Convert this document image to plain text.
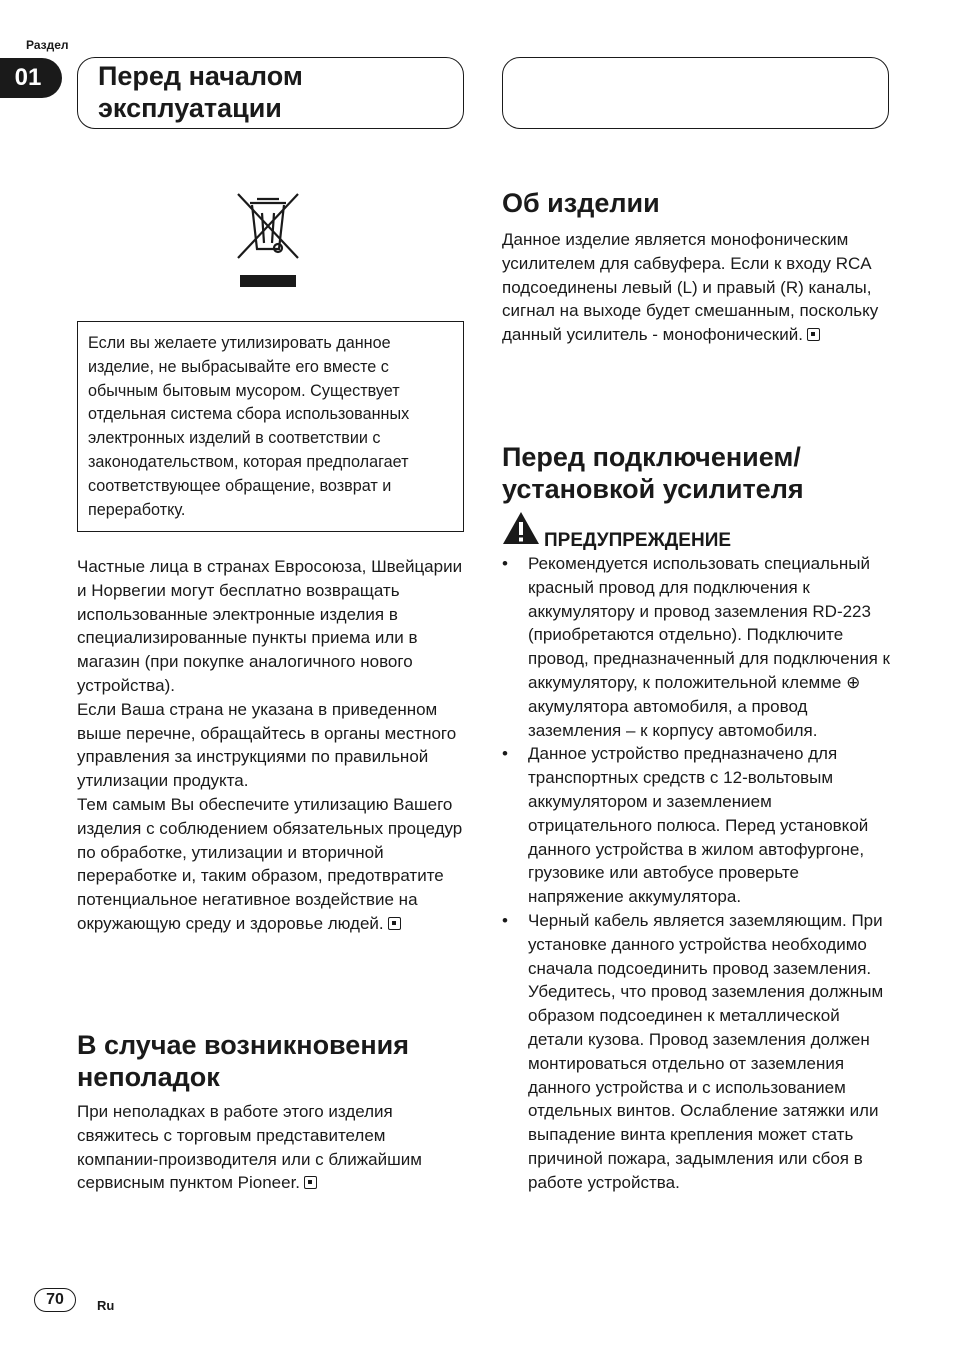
Раздел
01	Перед началом эксплуатации

Если вы желаете утилизировать данное изделие, не выбрасывайте его вместе с обычным бытовым мусором. Существует отдельная система сбора использованных электронных изделий в соответствии с законодательством, которая предполагает соответствующее обращение, возврат и переработку.

Частные лица в странах Евросоюза, Швейцарии и Норвегии могут бесплатно возвращать использованные электронные изделия в специализированные пункты приема или в магазин (при покупке аналогичного нового устройства).

Если Ваша страна не указана в приведенном выше перечне, обращайтесь в органы местного управления за инструкциями по правильной утилизации продукта.

Тем самым Вы обеспечите утилизацию Вашего изделия с соблюдением обязательных процедур по обработке, утилизации и вторичной переработке и, таким образом, предотвратите потенциальное негативное воздействие на окружающую среду и здоровье людей.

В случае возникновения неполадок

При неполадках в работе этого изделия свяжитесь с торговым представителем компании-производителя или с ближайшим сервисным пунктом Pioneer.

Об изделии

Данное изделие является монофоническим усилителем для сабвуфера. Если к входу RCA подсоединены левый (L) и правый (R) каналы, сигнал на выходе будет смешанным, поскольку данный усилитель - монофонический.

Перед подключением/ установкой усилителя
ПРЕДУПРЕЖДЕНИЕ
• Рекомендуется использовать специальный красный провод для подключения к аккумулятору и провод заземления RD-223 (приобретаются отдельно). Подключите провод, предназначенный для подключения к аккумулятору, к положительной клемме ⊕ акумулятора автомобиля, а провод заземления – к корпусу автомобиля.
• Данное устройство предназначено для транспортных средств с 12-вольтовым аккумулятором и заземлением отрицательного полюса. Перед установкой данного устройства в жилом автофургоне, грузовике или автобусе проверьте напряжение аккумулятора.
• Черный кабель является заземляющим. При установке данного устройства необходимо сначала подсоединить провод заземления. Убедитесь, что провод заземления должным образом подсоединен к металлической детали кузова. Провод заземления должен монтироваться отдельно от заземления данного устройства и с использованием отдельных винтов. Ослабление затяжки или выпадение винта крепления может стать причиной пожара, задымления или сбоя в работе устройства.
70	Ru
